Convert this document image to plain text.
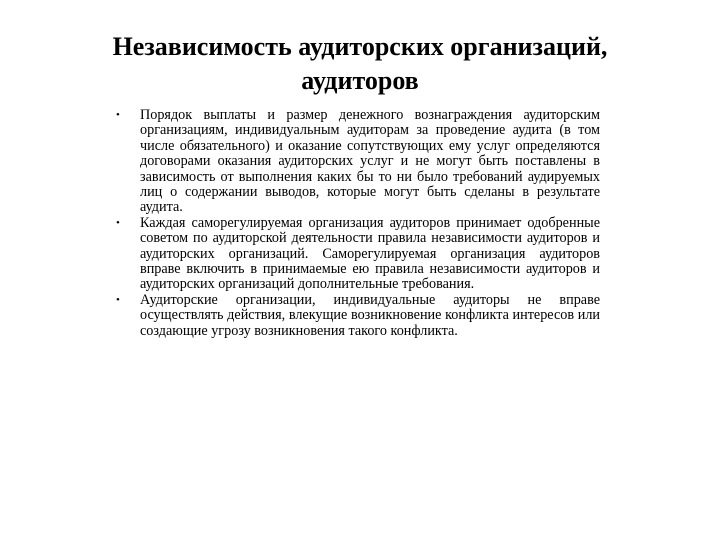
Независимость аудиторских организаций,
аудиторов
• Порядок выплаты и размер денежного вознаграждения аудиторским организациям, индивидуальным аудиторам за проведение аудита (в том числе обязательного) и оказание сопутствующих ему услуг определяются договорами оказания аудиторских услуг и не могут быть поставлены в зависимость от выполнения каких бы то ни было требований аудируемых лиц о содержании выводов, которые могут быть сделаны в результате аудита.
• Каждая саморегулируемая организация аудиторов принимает одобренные советом по аудиторской деятельности правила независимости аудиторов и аудиторских организаций. Саморегулируемая организация аудиторов вправе включить в принимаемые ею правила независимости аудиторов и аудиторских организаций дополнительные требования.
• Аудиторские организации, индивидуальные аудиторы не вправе осуществлять действия, влекущие возникновение конфликта интересов или создающие угрозу возникновения такого конфликта.
